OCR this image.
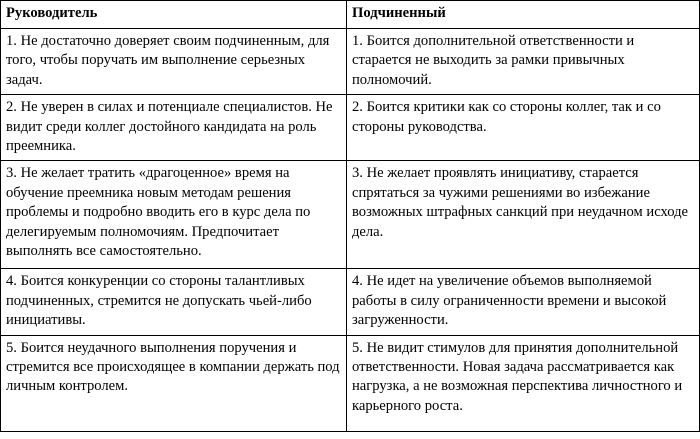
Руководитель	Подчиненный
1. Не достаточно доверяет своим подчиненным, для того, чтобы поручать им выполнение серьезных задач.	1. Боится дополнительной ответственности и старается не выходить за рамки привычных полномочий.
2. Не уверен в силах и потенциале специалистов. Не видит среди коллег достойного кандидата на роль преемника.	2. Боится критики как со стороны коллег, так и со стороны руководства.
3. Не желает тратить «драгоценное» время на обучение преемника новым методам решения проблемы и подробно вводить его в курс дела по делегируемым полномочиям. Предпочитает выполнять все самостоятельно.	3. Не желает проявлять инициативу, старается спрятаться за чужими решениями во избежание возможных штрафных санкций при неудачном исходе дела.
4. Боится конкуренции со стороны талантливых подчиненных, стремится не допускать чьей-либо инициативы.	4. Не идет на увеличение объемов выполняемой работы в силу ограниченности времени и высокой загруженности.
5. Боится неудачного выполнения поручения и стремится все происходящее в компании держать под личным контролем.	5. Не видит стимулов для принятия дополнительной ответственности. Новая задача рассматривается как нагрузка, а не возможная перспектива личностного и карьерного роста.
